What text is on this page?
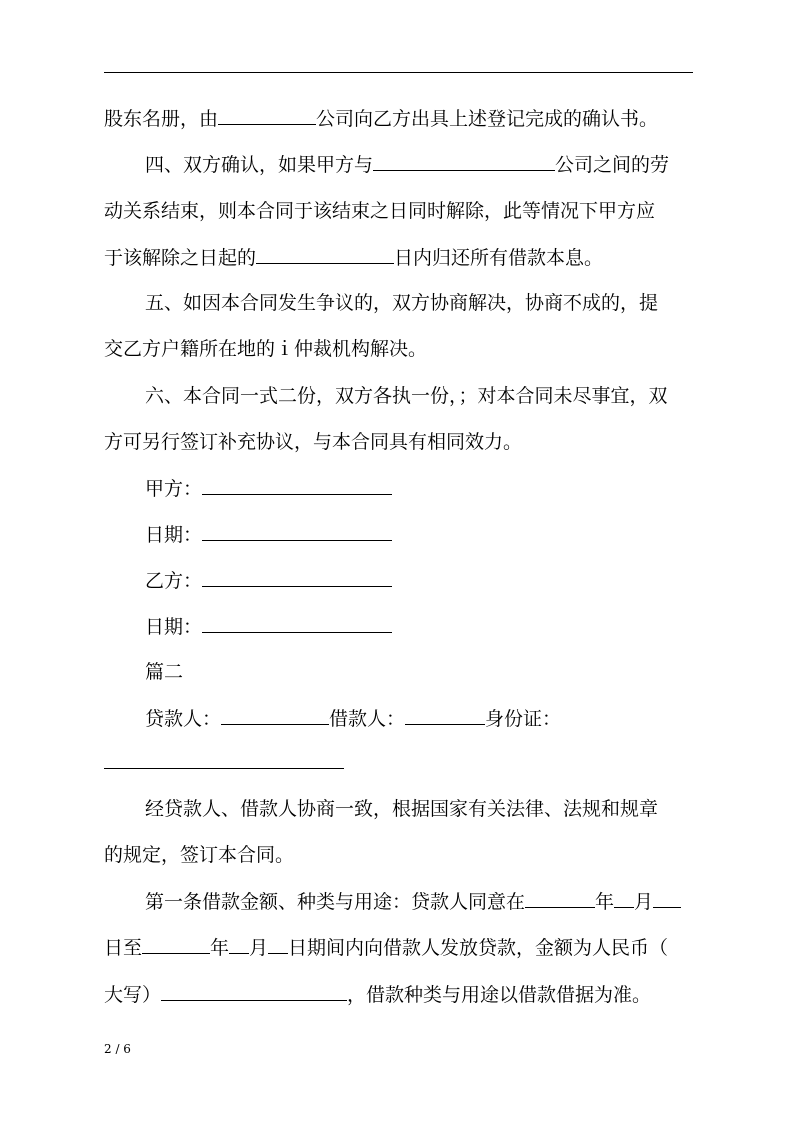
股东名册，由	公司向乙方出具上述登记完成的确认书。
四、双方确认，如果甲方与	公司之间的劳
动关系结束，则本合同于该结束之日同时解除，此等情况下甲方应
于该解除之日起的	日内归还所有借款本息。
五、如因本合同发生争议的，双方协商解决，协商不成的，提
交乙方户籍所在地的ｉ仲裁机构解决。
六、本合同一式二份，双方各执一份，；对本合同未尽事宜，双
方可另行签订补充协议，与本合同具有相同效力。
甲方：
日期：
乙方：
日期：
篇二
贷款人：	借款人：	身份证：
经贷款人、借款人协商一致，根据国家有关法律、法规和规章
的规定，签订本合同。
第一条借款金额、种类与用途：贷款人同意在	年 月
日至	年 月 日期间内向借款人发放贷款，金额为人民币（
大写）	，借款种类与用途以借款借据为准。
2 / 6
